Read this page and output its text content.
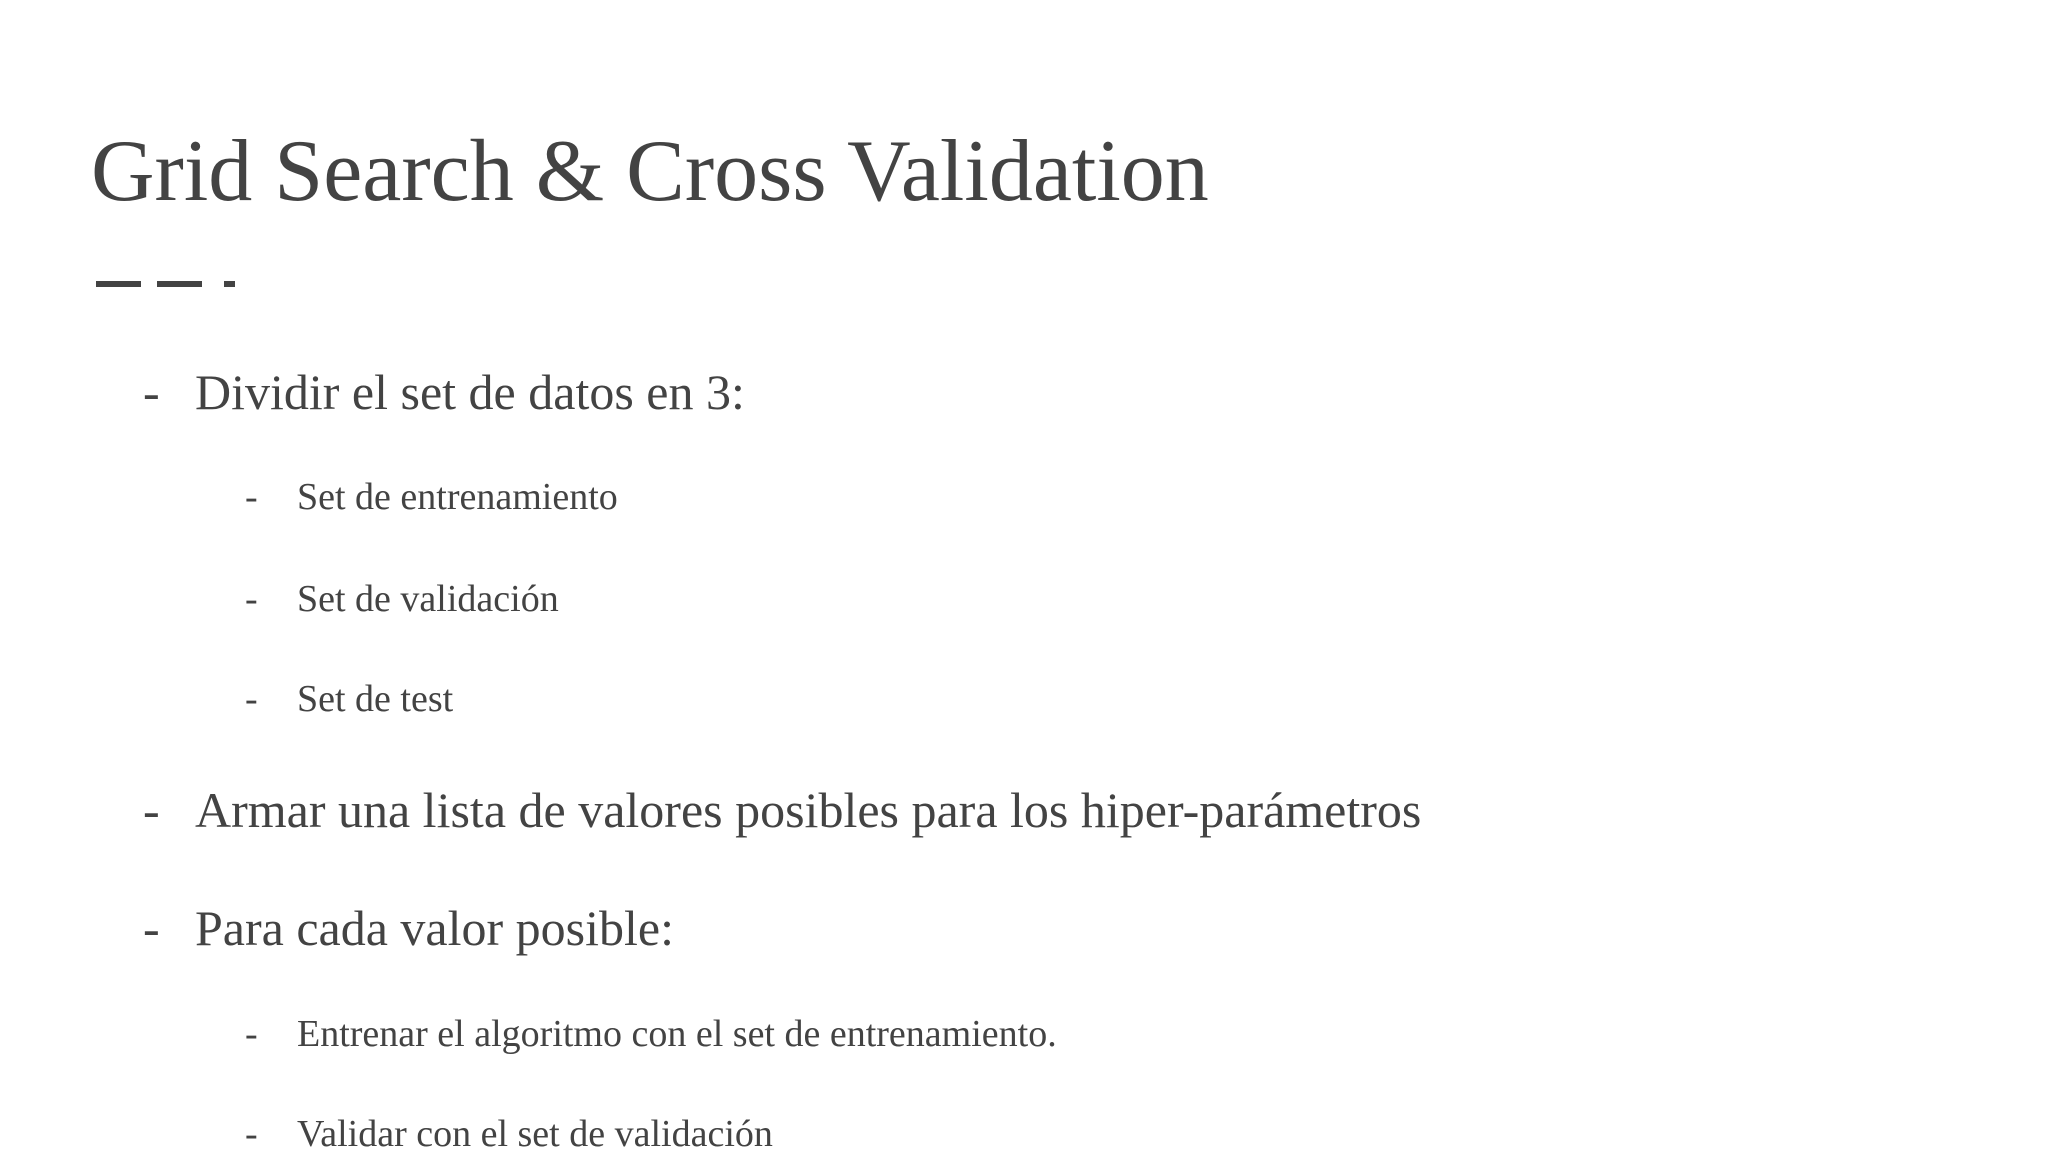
Grid Search & Cross Validation
- Dividir el set de datos en 3:
- Set de entrenamiento
- Set de validación
- Set de test
- Armar una lista de valores posibles para los hiper-parámetros
- Para cada valor posible:
- Entrenar el algoritmo con el set de entrenamiento.
- Validar con el set de validación
